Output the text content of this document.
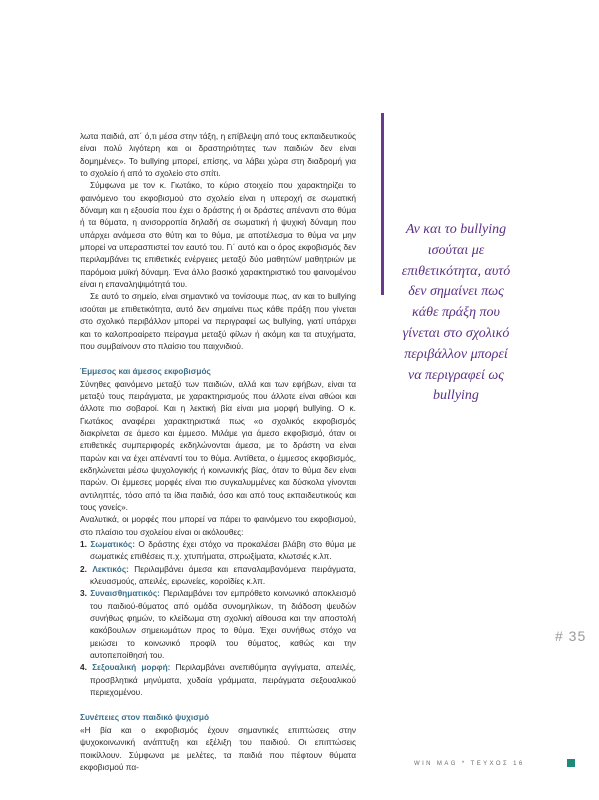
λωτα παιδιά, απ΄ ό,τι μέσα στην τάξη, η επίβλεψη από τους εκπαιδευτικούς είναι πολύ λιγότερη και οι δραστηριότητες των παιδιών δεν είναι δομημένες». Το bullying μπορεί, επίσης, να λάβει χώρα στη διαδρομή για το σχολείο ή από το σχολείο στο σπίτι.

Σύμφωνα με τον κ. Γιωτάκο, το κύριο στοιχείο που χαρακτηρίζει το φαινόμενο του εκφοβισμού στο σχολείο είναι η υπεροχή σε σωματική δύναμη και η εξουσία που έχει ο δράστης ή οι δράστες απέναντι στο θύμα ή τα θύματα, η ανισορροπία δηλαδή σε σωματική ή ψυχική δύναμη που υπάρχει ανάμεσα στο θύτη και το θύμα, με αποτέλεσμα το θύμα να μην μπορεί να υπερασπιστεί τον εαυτό του. Γι΄ αυτό και ο όρος εκφοβισμός δεν περιλαμβάνει τις επιθετικές ενέργειες μεταξύ δύο μαθητών/ μαθητριών με παρόμοια μυϊκή δύναμη. Ένα άλλο βασικό χαρακτηριστικό του φαινομένου είναι η επαναληψιμότητά του.

Σε αυτό το σημείο, είναι σημαντικό να τονίσουμε πως, αν και το bullying ισούται με επιθετικότητα, αυτό δεν σημαίνει πως κάθε πράξη που γίνεται στο σχολικό περιβάλλον μπορεί να περιγραφεί ως bullying, γιατί υπάρχει και το καλοπροαίρετο πείραγμα μεταξύ φίλων ή ακόμη και τα ατυχήματα, που συμβαίνουν στο πλαίσιο του παιχνιδιού.

Έμμεσος και άμεσος εκφοβισμός

Σύνηθες φαινόμενο μεταξύ των παιδιών, αλλά και των εφήβων, είναι τα μεταξύ τους πειράγματα, με χαρακτηρισμούς που άλλοτε είναι αθώοι και άλλοτε πιο σοβαροί. Και η λεκτική βία είναι μια μορφή bullying. Ο κ. Γιωτάκος αναφέρει χαρακτηριστικά πως «ο σχολικός εκφοβισμός διακρίνεται σε άμεσο και έμμεσο. Μιλάμε για άμεσο εκφοβισμό, όταν οι επιθετικές συμπεριφορές εκδηλώνονται άμεσα, με το δράστη να είναι παρών και να έχει απέναντί του το θύμα. Αντίθετα, ο έμμεσος εκφοβισμός, εκδηλώνεται μέσω ψυχολογικής ή κοινωνικής βίας, όταν το θύμα δεν είναι παρών. Οι έμμεσες μορφές είναι πιο συγκαλυμμένες και δύσκολα γίνονται αντιληπτές, τόσο από τα ίδια παιδιά, όσο και από τους εκπαιδευτικούς και τους γονείς».

Αναλυτικά, οι μορφές που μπορεί να πάρει το φαινόμενο του εκφοβισμού, στο πλαίσιο του σχολείου είναι οι ακόλουθες:

1. Σωματικός: Ο δράστης έχει στόχο να προκαλέσει βλάβη στο θύμα με σωματικές επιθέσεις π.χ. χτυπήματα, σπρωξίματα, κλωτσιές κ.λπ.
2. Λεκτικός: Περιλαμβάνει άμεσα και επαναλαμβανόμενα πειράγματα, κλευασμούς, απειλές, ειρωνείες, κοροϊδίες κ.λπ.
3. Συναισθηματικός: Περιλαμβάνει τον εμπρόθετο κοινωνικό αποκλεισμό του παιδιού-θύματος από ομάδα συνομηλίκων, τη διάδοση ψευδών συνήθως φημών, το κλείδωμα στη σχολική αίθουσα και την αποστολή κακόβουλων σημειωμάτων προς το θύμα. Έχει συνήθως στόχο να μειώσει το κοινωνικό προφίλ του θύματος, καθώς και την αυτοπεποίθησή του.
4. Σεξουαλική μορφή: Περιλαμβάνει ανεπιθύμητα αγγίγματα, απειλές, προσβλητικά μηνύματα, χυδαία γράμματα, πειράγματα σεξουαλικού περιεχομένου.

Συνέπειες στον παιδικό ψυχισμό

«Η βία και ο εκφοβισμός έχουν σημαντικές επιπτώσεις στην ψυχοκοινωνική ανάπτυξη και εξέλιξη του παιδιού. Οι επιπτώσεις ποικίλλουν. Σύμφωνα με μελέτες, τα παιδιά που πέφτουν θύματα εκφοβισμού πα-

Αν και το bullying ισούται με επιθετικότητα, αυτό δεν σημαίνει πως κάθε πράξη που γίνεται στο σχολικό περιβάλλον μπορεί να περιγραφεί ως bullying
# 35
WIN MAG * ΤΕΥΧΟΣ 16
